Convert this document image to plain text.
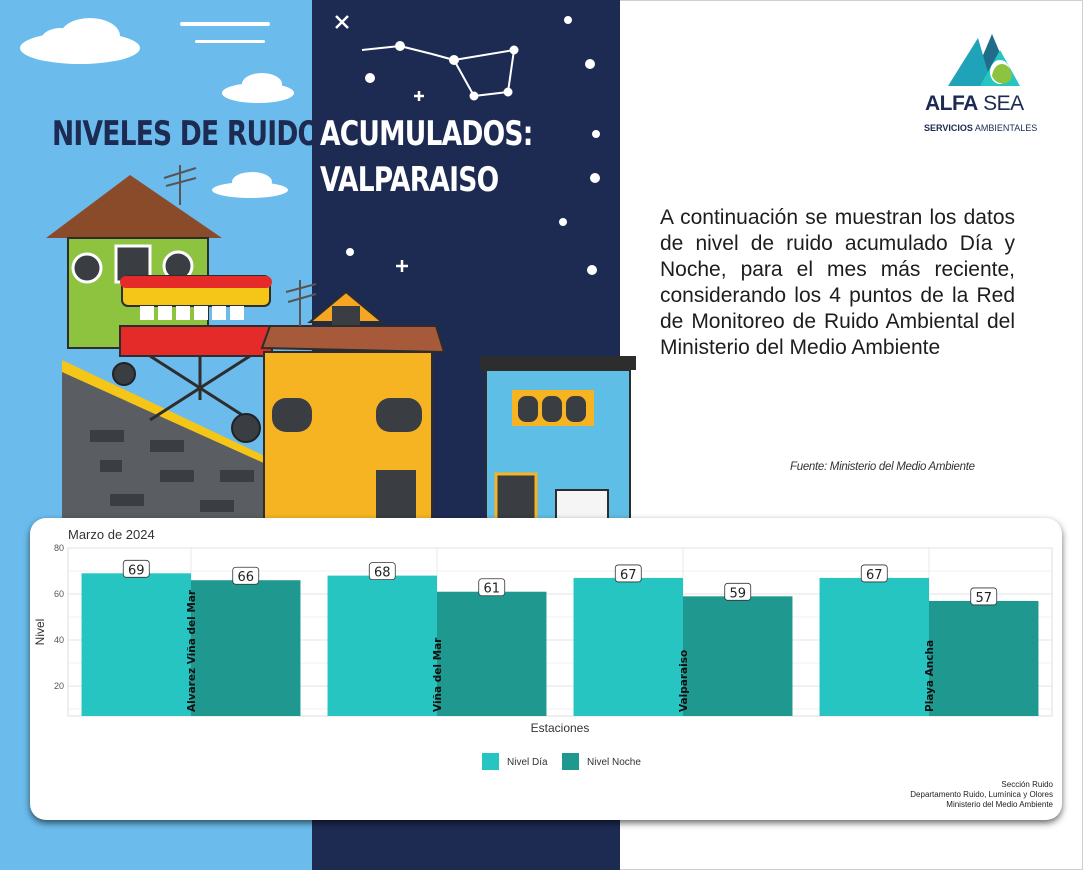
NIVELES DE RUIDO ACUMULADOS:
VALPARAISO
ALFA SEA
SERVICIOS AMBIENTALES
A continuación se muestran los datos de nivel de ruido acumulado Día y Noche, para el mes más reciente, considerando los 4 puntos de la Red de Monitoreo de Ruido Ambiental del Ministerio del Medio Ambiente
Fuente: Ministerio del Medio Ambiente
Marzo de 2024
20
40
60
80
69	66
Alvarez Viña del Mar
68
61
Viña del Mar
67
59
Valparaiso
67
57
Playa Ancha
Estaciones
Nivel
Nivel Día	Nivel Noche
Sección Ruido
Departamento Ruido, Lumínica y Olores
Ministerio del Medio Ambiente
